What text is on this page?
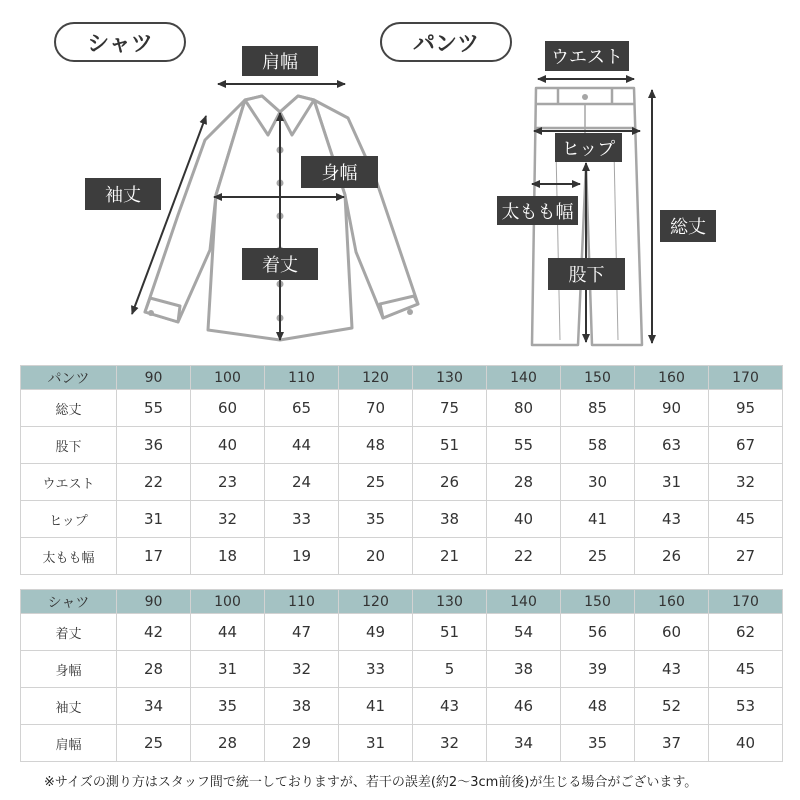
シャツ	パンツ
肩幅
袖丈
身幅
着丈
ウエスト
ヒップ
太もも幅
総丈
股下
パンツ	90	100	110	120	130	140	150	160	170
総丈	55	60	65	70	75	80	85	90	95
股下	36	40	44	48	51	55	58	63	67
ウエスト	22	23	24	25	26	28	30	31	32
ヒップ	31	32	33	35	38	40	41	43	45
太もも幅	17	18	19	20	21	22	25	26	27
シャツ	90	100	110	120	130	140	150	160	170
着丈	42	44	47	49	51	54	56	60	62
身幅	28	31	32	33	5	38	39	43	45
袖丈	34	35	38	41	43	46	48	52	53
肩幅	25	28	29	31	32	34	35	37	40
※サイズの測り方はスタッフ間で統一しておりますが、若干の誤差(約2〜3cm前後)が生じる場合がございます。
